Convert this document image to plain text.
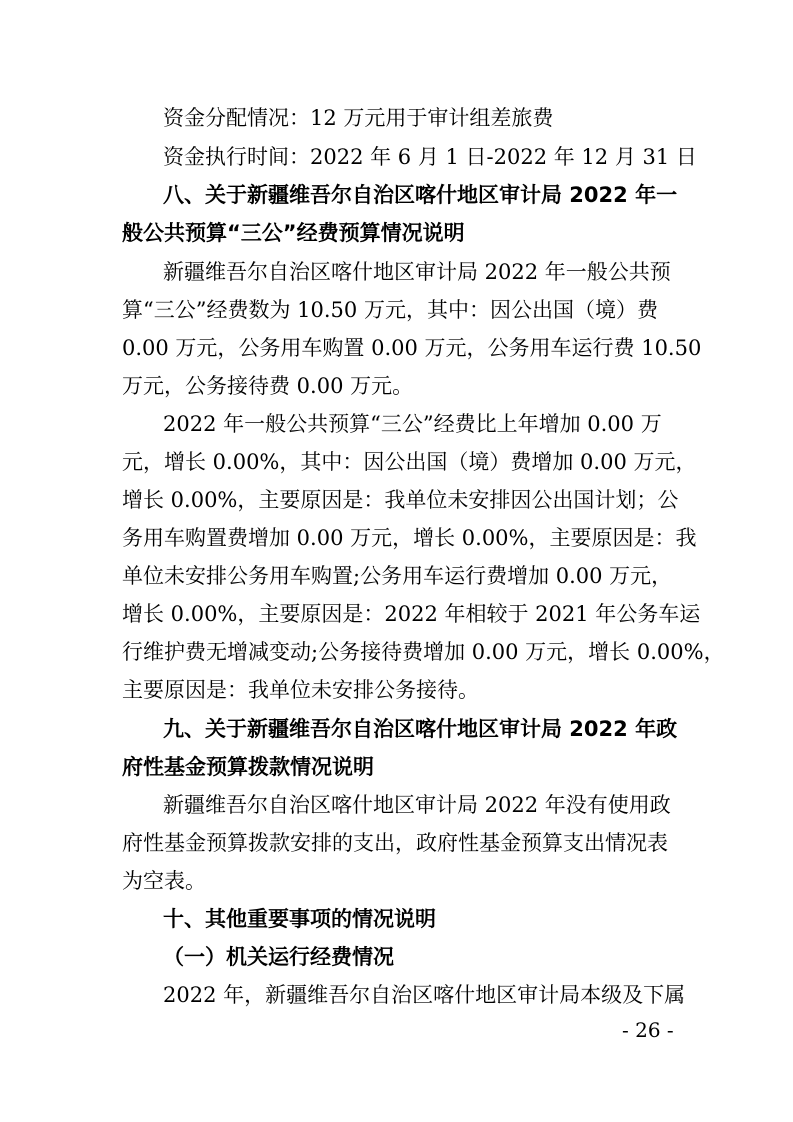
资金分配情况：12 万元用于审计组差旅费
资金执行时间：2022 年 6 月 1 日-2022 年 12 月 31 日
八、关于新疆维吾尔自治区喀什地区审计局 2022 年一
般公共预算“三公”经费预算情况说明
新疆维吾尔自治区喀什地区审计局 2022 年一般公共预
算“三公”经费数为 10.50 万元，其中：因公出国（境）费
0.00 万元，公务用车购置 0.00 万元，公务用车运行费 10.50
万元，公务接待费 0.00 万元。
2022 年一般公共预算“三公”经费比上年增加 0.00 万
元，增长 0.00%，其中：因公出国（境）费增加 0.00 万元，
增长 0.00%，主要原因是：我单位未安排因公出国计划；公
务用车购置费增加 0.00 万元，增长 0.00%，主要原因是：我
单位未安排公务用车购置;公务用车运行费增加 0.00 万元，
增长 0.00%，主要原因是：2022 年相较于 2021 年公务车运
行维护费无增减变动;公务接待费增加 0.00 万元，增长 0.00%，
主要原因是：我单位未安排公务接待。
九、关于新疆维吾尔自治区喀什地区审计局 2022 年政
府性基金预算拨款情况说明
新疆维吾尔自治区喀什地区审计局 2022 年没有使用政
府性基金预算拨款安排的支出，政府性基金预算支出情况表
为空表。
十、其他重要事项的情况说明
（一）机关运行经费情况
2022 年，新疆维吾尔自治区喀什地区审计局本级及下属
- 26 -
